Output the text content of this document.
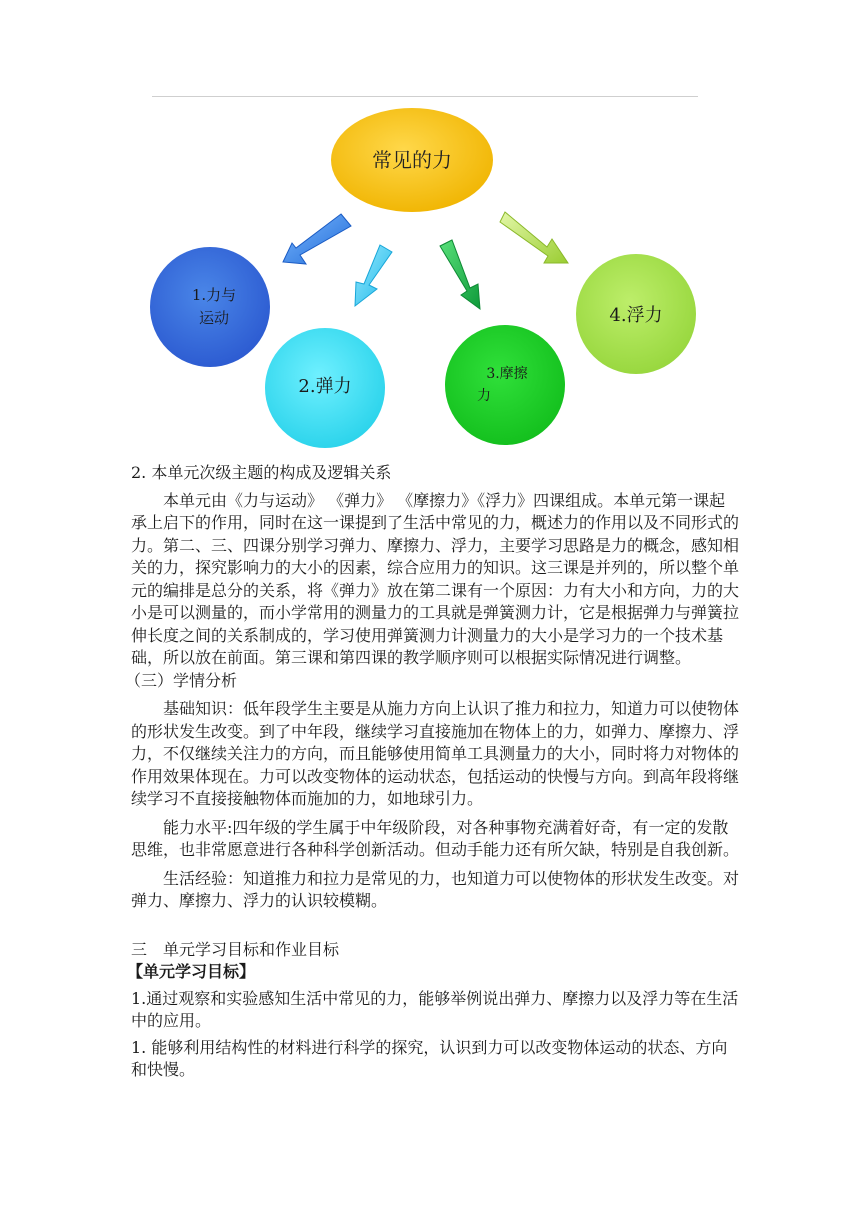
常见的力
1.力与
运动
2.弹力
3.摩擦
力
4.浮力

2. 本单元次级主题的构成及逻辑关系

本单元由《力与运动》 《弹力》 《摩擦力》《浮力》四课组成。本单元第一课起承上启下的作用，同时在这一课提到了生活中常见的力，概述力的作用以及不同形式的力。第二、三、四课分别学习弹力、摩擦力、浮力，主要学习思路是力的概念，感知相关的力，探究影响力的大小的因素，综合应用力的知识。这三课是并列的，所以整个单元的编排是总分的关系，将《弹力》放在第二课有一个原因：力有大小和方向，力的大小是可以测量的，而小学常用的测量力的工具就是弹簧测力计，它是根据弹力与弹簧拉伸长度之间的关系制成的，学习使用弹簧测力计测量力的大小是学习力的一个技术基础，所以放在前面。第三课和第四课的教学顺序则可以根据实际情况进行调整。

（三）学情分析

基础知识：低年段学生主要是从施力方向上认识了推力和拉力，知道力可以使物体的形状发生改变。到了中年段，继续学习直接施加在物体上的力，如弹力、摩擦力、浮力，不仅继续关注力的方向，而且能够使用简单工具测量力的大小，同时将力对物体的作用效果体现在。力可以改变物体的运动状态，包括运动的快慢与方向。到高年段将继续学习不直接接触物体而施加的力，如地球引力。

能力水平:四年级的学生属于中年级阶段，对各种事物充满着好奇，有一定的发散思维，也非常愿意进行各种科学创新活动。但动手能力还有所欠缺，特别是自我创新。

生活经验：知道推力和拉力是常见的力，也知道力可以使物体的形状发生改变。对弹力、摩擦力、浮力的认识较模糊。

三　单元学习目标和作业目标

【单元学习目标】

1.通过观察和实验感知生活中常见的力，能够举例说出弹力、摩擦力以及浮力等在生活中的应用。

1. 能够利用结构性的材料进行科学的探究，认识到力可以改变物体运动的状态、方向和快慢。
